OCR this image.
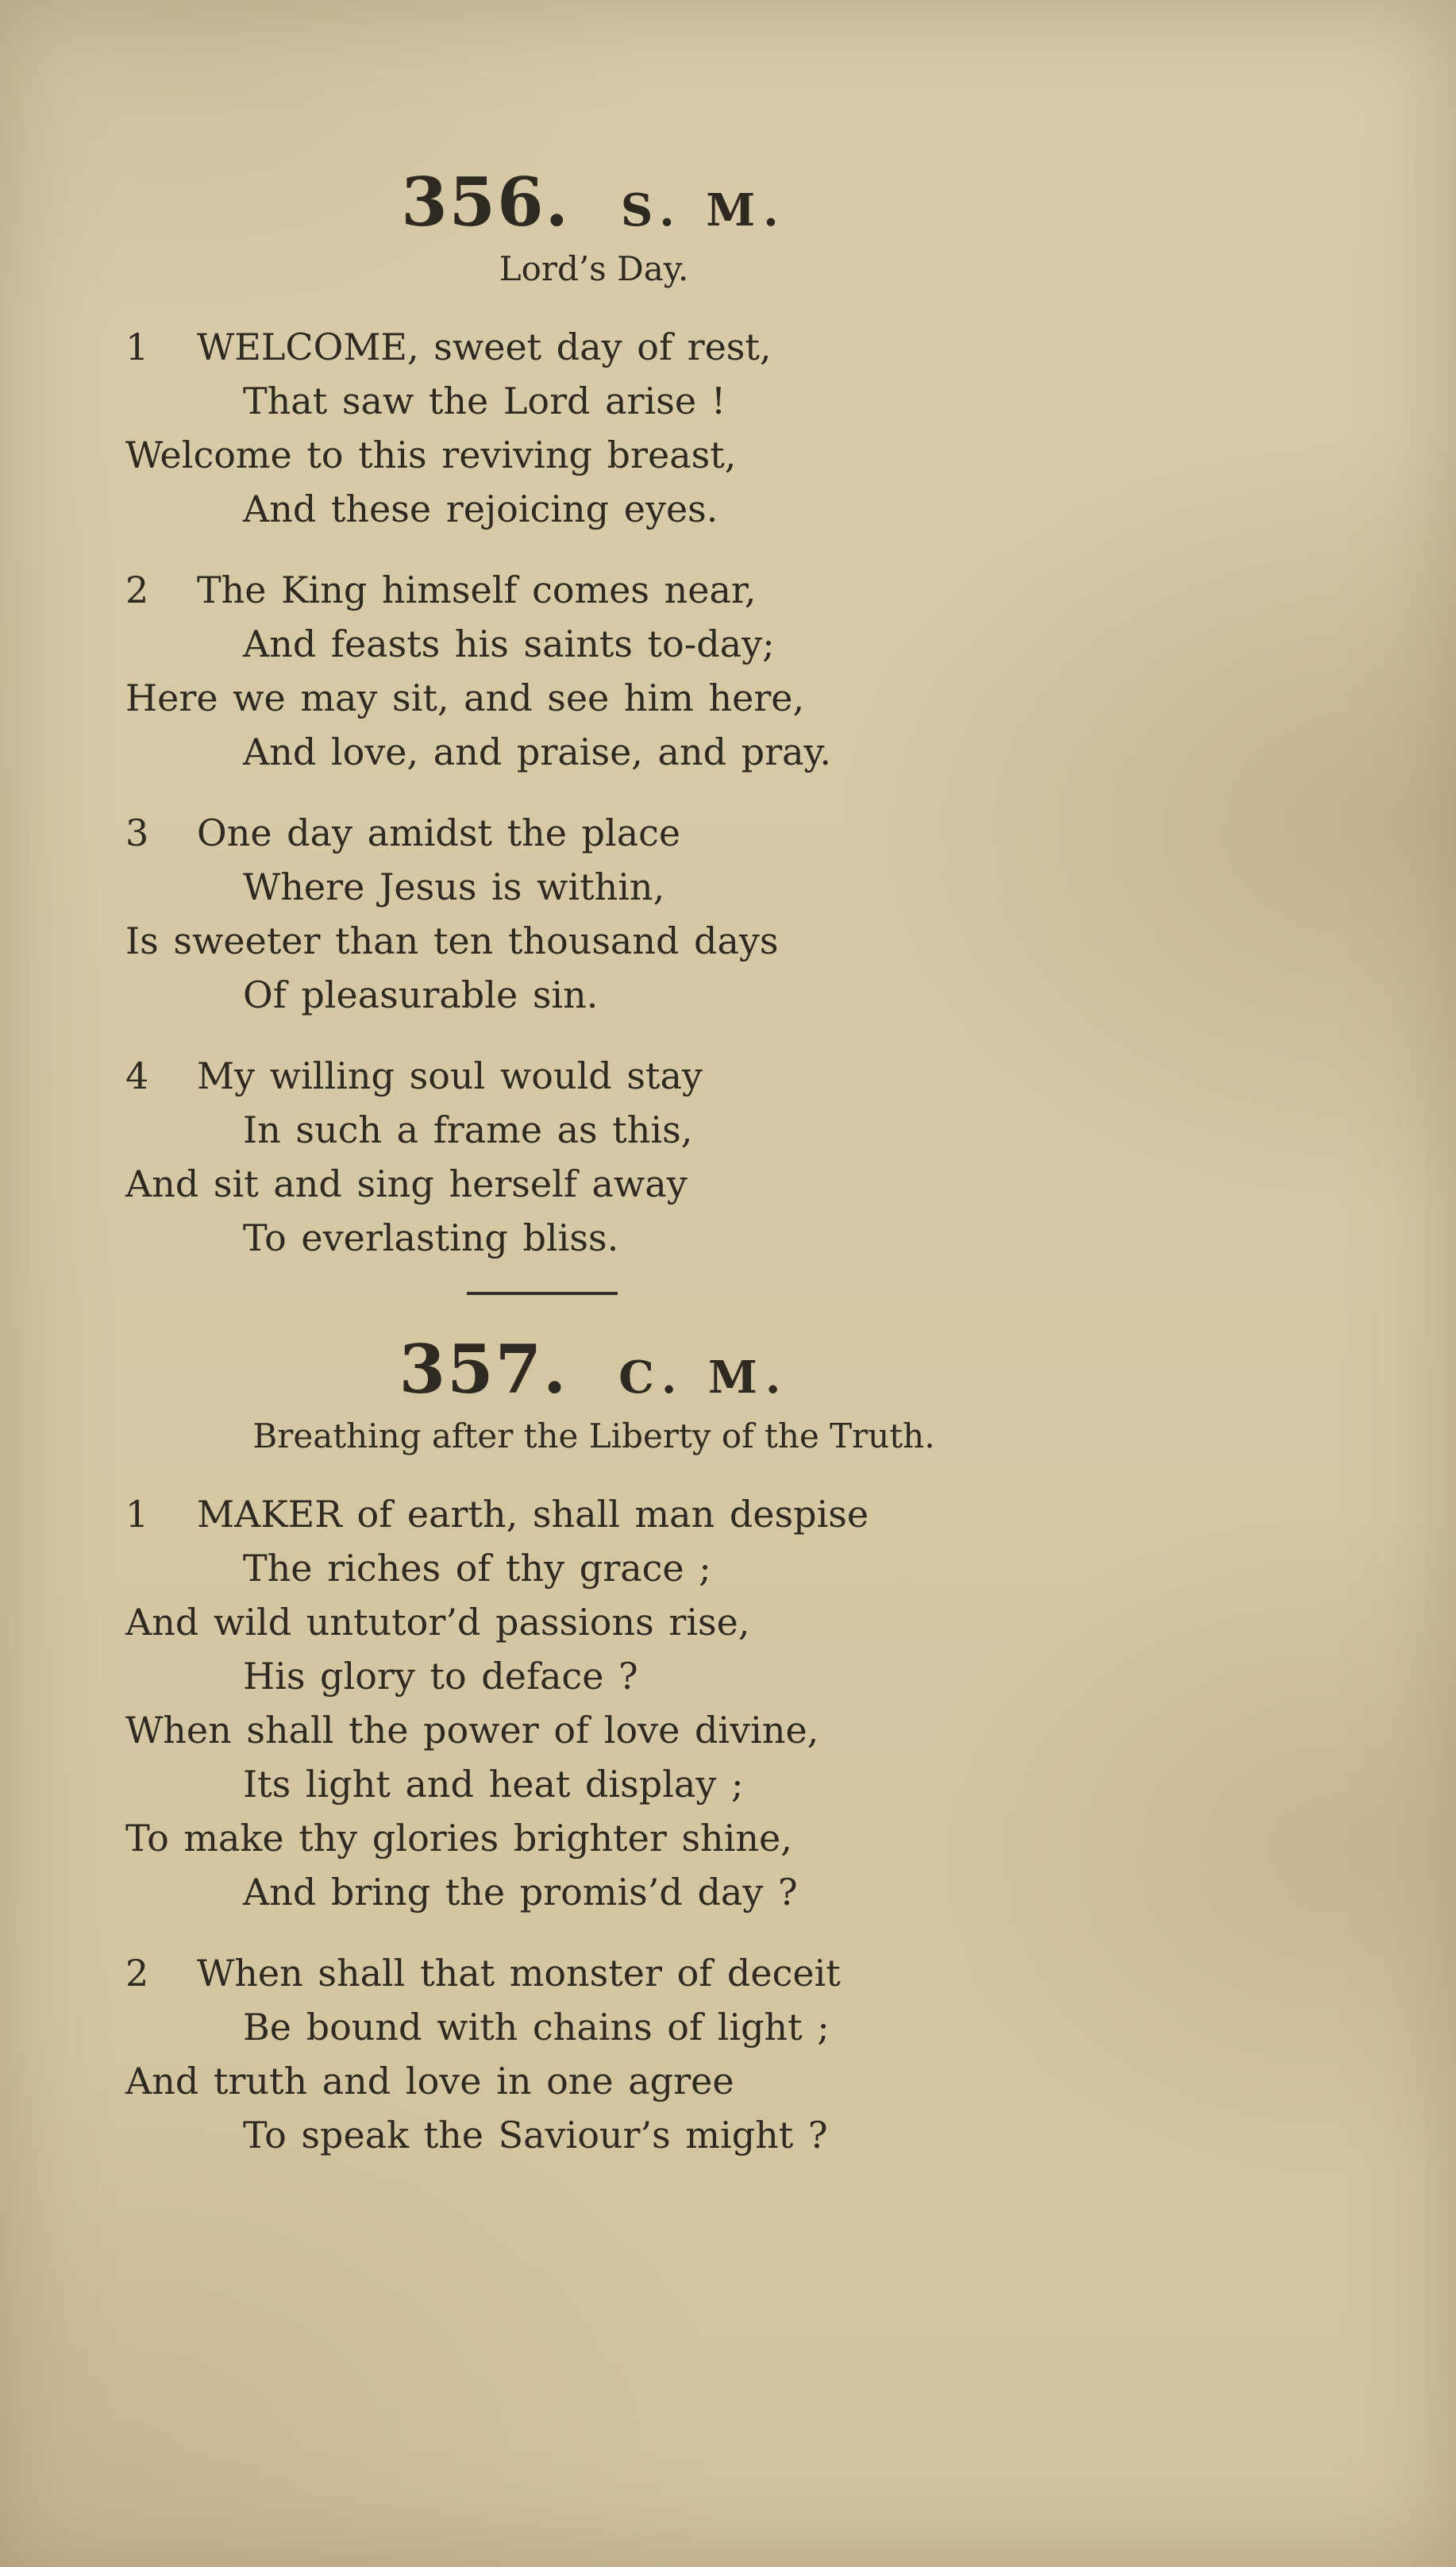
356. S. M.
Lord’s Day.
1 WELCOME, sweet day of rest,
That saw the Lord arise !
Welcome to this reviving breast,
And these rejoicing eyes.
2 The King himself comes near,
And feasts his saints to-day;
Here we may sit, and see him here,
And love, and praise, and pray.
3 One day amidst the place
Where Jesus is within,
Is sweeter than ten thousand days
Of pleasurable sin.
4 My willing soul would stay
In such a frame as this,
And sit and sing herself away
To everlasting bliss.
357. C. M.
Breathing after the Liberty of the Truth.
1 MAKER of earth, shall man despise
The riches of thy grace ;
And wild untutor’d passions rise,
His glory to deface ?
When shall the power of love divine,
Its light and heat display ;
To make thy glories brighter shine,
And bring the promis’d day ?
2 When shall that monster of deceit
Be bound with chains of light ;
And truth and love in one agree
To speak the Saviour’s might ?
